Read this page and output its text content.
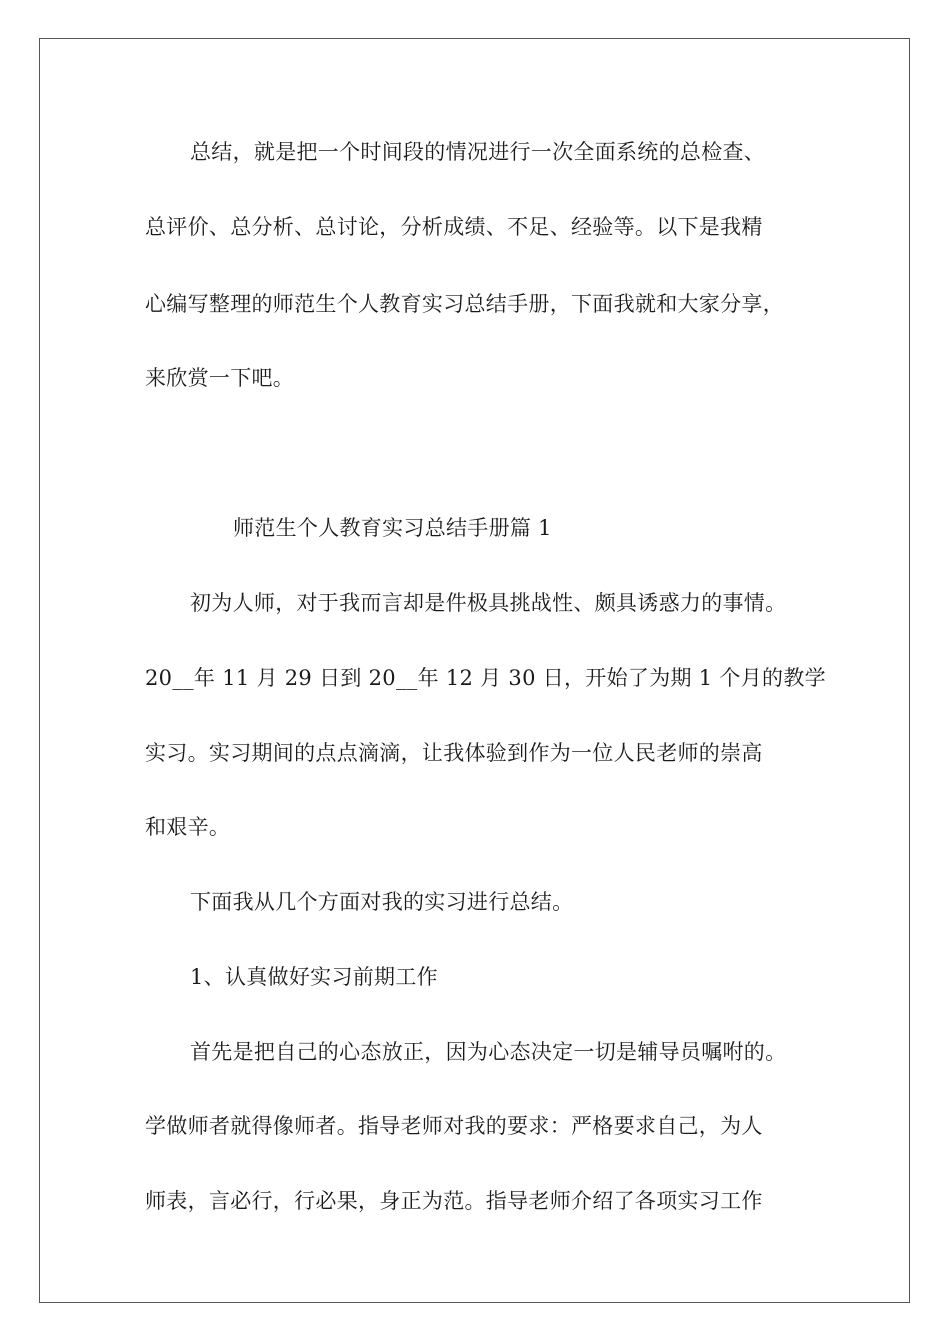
总结，就是把一个时间段的情况进行一次全面系统的总检查、
总评价、总分析、总讨论，分析成绩、不足、经验等。以下是我精
心编写整理的师范生个人教育实习总结手册，下面我就和大家分享，
来欣赏一下吧。
师范生个人教育实习总结手册篇 1
初为人师，对于我而言却是件极具挑战性、颇具诱惑力的事情。
20__年 11 月 29 日到 20__年 12 月 30 日，开始了为期 1 个月的教学
实习。实习期间的点点滴滴，让我体验到作为一位人民老师的崇高
和艰辛。
下面我从几个方面对我的实习进行总结。
1、认真做好实习前期工作
首先是把自己的心态放正，因为心态决定一切是辅导员嘱咐的。
学做师者就得像师者。指导老师对我的要求：严格要求自己，为人
师表，言必行，行必果，身正为范。指导老师介绍了各项实习工作
